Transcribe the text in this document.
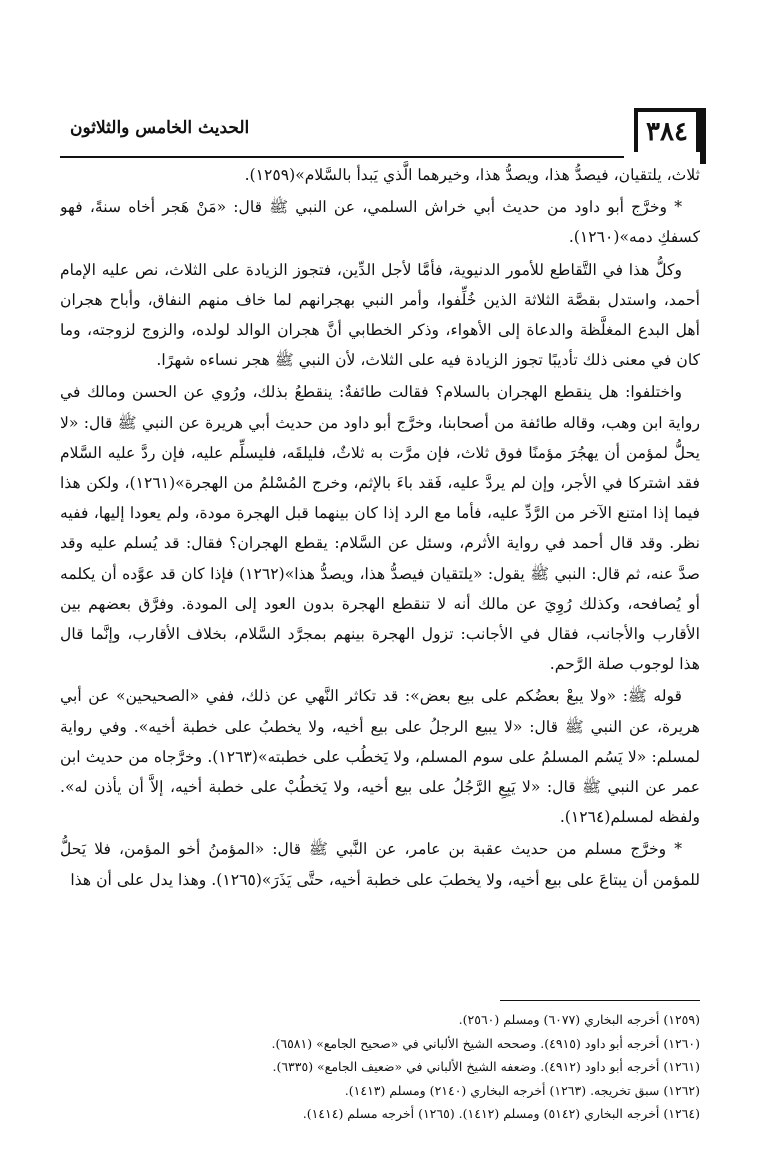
٣٨٤
الحديث الخامس والثلاثون

ثلاث، يلتقيان، فيصدُّ هذا، ويصدُّ هذا، وخيرهما الَّذي يَبدأ بالسَّلام»(١٢٥٩).

* وخرَّج أبو داود من حديث أبي خراش السلمي، عن النبي ﷺ قال: «مَنْ هَجر أخاه سنةً، فهو كسفكِ دمه»(١٢٦٠).

وكلُّ هذا في التَّقاطع للأمور الدنيوية، فأمَّا لأجل الدِّين، فتجوز الزيادة على الثلاث، نص عليه الإمام أحمد، واستدل بقصَّة الثلاثة الذين خُلِّفوا، وأمر النبي بهجرانهم لما خاف منهم النفاق، وأباح هجران أهل البدع المغلَّظة والدعاة إلى الأهواء، وذكر الخطابي أنَّ هجران الوالد لولده، والزوج لزوجته، وما كان في معنى ذلك تأديبًا تجوز الزيادة فيه على الثلاث، لأن النبي ﷺ هجر نساءه شهرًا.

واختلفوا: هل ينقطع الهجران بالسلام؟ فقالت طائفةٌ: ينقطعُ بذلك، ورُوي عن الحسن ومالك في رواية ابن وهب، وقاله طائفة من أصحابنا، وخرَّج أبو داود من حديث أبي هريرة عن النبي ﷺ قال: «لا يحلُّ لمؤمن أن يهجُرَ مؤمنًا فوق ثلاث، فإن مرَّت به ثلاثٌ، فليلقَه، فليسلِّم عليه، فإن ردَّ عليه السَّلام فقد اشتركا في الأجر، وإن لم يردَّ عليه، فَقد باءَ بالإثم، وخرج المُسْلمُ من الهجرة»(١٢٦١)، ولكن هذا فيما إذا امتنع الآخر من الرَّدِّ عليه، فأما مع الرد إذا كان بينهما قبل الهجرة مودة، ولم يعودا إليها، ففيه نظر. وقد قال أحمد في رواية الأثرم، وسئل عن السَّلام: يقطع الهجران؟ فقال: قد يُسلم عليه وقد صدَّ عنه، ثم قال: النبي ﷺ يقول: «يلتقيان فيصدُّ هذا، ويصدُّ هذا»(١٢٦٢) فإذا كان قد عوَّده أن يكلمه أو يُصافحه، وكذلك رُوِيَ عن مالك أنه لا تنقطع الهجرة بدون العود إلى المودة. وفرَّق بعضهم بين الأقارب والأجانب، فقال في الأجانب: تزول الهجرة بينهم بمجرَّد السَّلام، بخلاف الأقارب، وإنَّما قال هذا لوجوب صلة الرَّحم.

قوله ﷺ: «ولا يبعْ بعضُكم على بيع بعض»: قد تكاثر النَّهي عن ذلك، ففي «الصحيحين» عن أبي هريرة، عن النبي ﷺ قال: «لا يبيع الرجلُ على بيع أخيه، ولا يخطبُ على خطبة أخيه». وفي رواية لمسلم: «لا يَسُم المسلمُ على سوم المسلم، ولا يَخطُب على خطبته»(١٢٦٣). وخرَّجاه من حديث ابن عمر عن النبي ﷺ قال: «لا يَبِعِ الرَّجُلُ على بيع أخيه، ولا يَخطُبْ على خطبة أخيه، إلاَّ أن يأذن له». ولفظه لمسلم(١٢٦٤).

* وخرَّج مسلم من حديث عقبة بن عامر، عن النَّبي ﷺ قال: «المؤمنُ أخو المؤمن، فلا يَحلُّ للمؤمن أن يبتاعَ على بيع أخيه، ولا يخطبَ على خطبة أخيه، حتَّى يَذَرَ»(١٢٦٥). وهذا يدل على أن هذا

(١٢٥٩) أخرجه البخاري (٦٠٧٧) ومسلم (٢٥٦٠).

(١٢٦٠) أخرجه أبو داود (٤٩١٥). وصححه الشيخ الألباني في «صحيح الجامع» (٦٥٨١).

(١٢٦١) أخرجه أبو داود (٤٩١٢). وضعفه الشيخ الألباني في «ضعيف الجامع» (٦٣٣٥).

(١٢٦٢) سبق تخريجه. (١٢٦٣) أخرجه البخاري (٢١٤٠) ومسلم (١٤١٣).

(١٢٦٤) أخرجه البخاري (٥١٤٢) ومسلم (١٤١٢). (١٢٦٥) أخرجه مسلم (١٤١٤).
